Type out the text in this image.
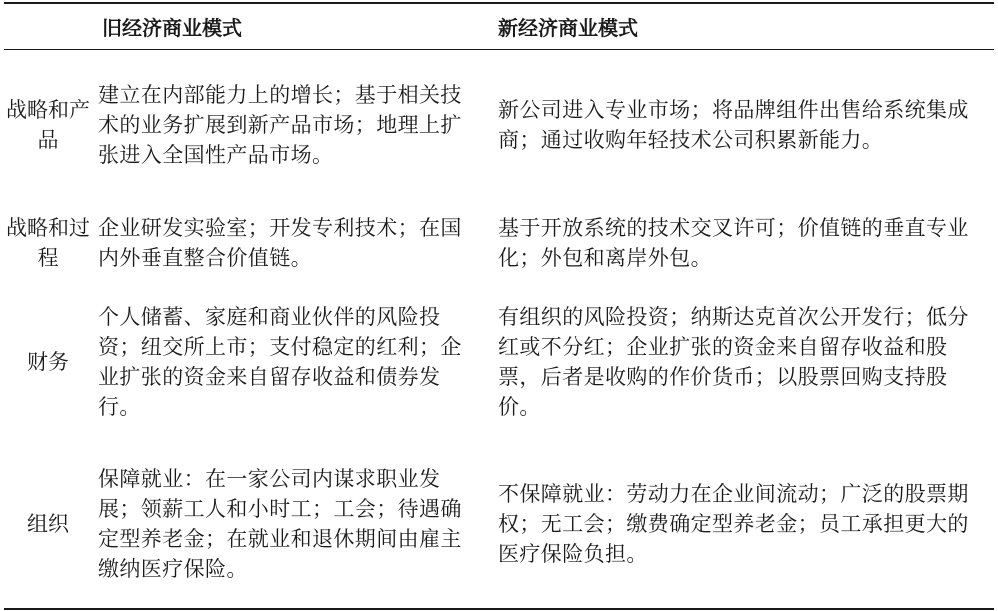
	旧经济商业模式	新经济商业模式
战略和产品	建立在内部能力上的增长；基于相关技术的业务扩展到新产品市场；地理上扩张进入全国性产品市场。	新公司进入专业市场；将品牌组件出售给系统集成商；通过收购年轻技术公司积累新能力。
战略和过程	企业研发实验室；开发专利技术；在国内外垂直整合价值链。	基于开放系统的技术交叉许可；价值链的垂直专业化；外包和离岸外包。
财务	个人储蓄、家庭和商业伙伴的风险投资；纽交所上市；支付稳定的红利；企业扩张的资金来自留存收益和债券发行。	有组织的风险投资；纳斯达克首次公开发行；低分红或不分红；企业扩张的资金来自留存收益和股票，后者是收购的作价货币；以股票回购支持股价。
组织	保障就业：在一家公司内谋求职业发展；领薪工人和小时工；工会；待遇确定型养老金；在就业和退休期间由雇主缴纳医疗保险。	不保障就业：劳动力在企业间流动；广泛的股票期权；无工会；缴费确定型养老金；员工承担更大的医疗保险负担。
